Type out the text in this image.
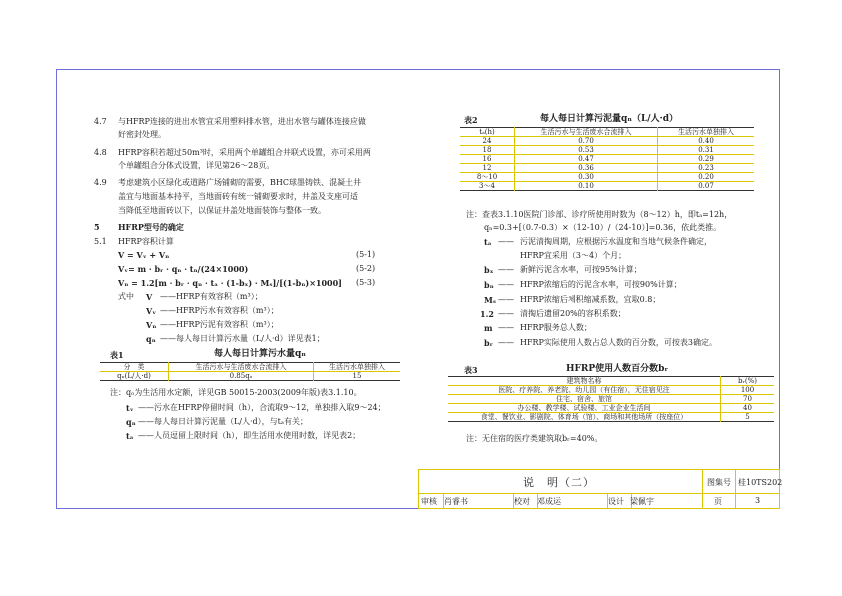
4.7 与HFRP连接的进出水管宜采用塑料排水管，进出水管与罐体连接应做
好密封处理。
4.8 HFRP容积若超过50m³时，采用两个单罐组合井联式设置，亦可采用两
个单罐组合分体式设置，详见第26～28页。
4.9 考虑建筑小区绿化或道路广场铺砌的需要，BHC球墨铸铁、混凝土井
盖宜与地面基本持平，当地面砖有统一铺砌要求时，井盖及支座可适
当降低至地面砖以下，以保证井盖处地面装饰与整体一致。
5 HFRP型号的确定
5.1 HFRP容积计算
V = Vᵥ + Vₙ	(5-1)
Vᵥ= m · bᵣ · qₙ · tₙ/(24×1000)	(5-2)
Vₙ = 1.2[m · bᵣ · qₙ · tₐ · (1-bₓ) · Mₛ]/[(1-bₙ)×1000] (5-3)
式中 V —— HFRP有效容积（m³）；
Vᵥ —— HFRP污水有效容积（m³）；
Vₙ —— HFRP污泥有效容积（m³）；
qₙ —— 每人每日计算污水量（L/人·d）详见表1；
表1	每人每日计算污水量qₙ
分　类	生活污水与生活废水合流排入	生活污水单独排入
qₙ(L/人·d)	0.85qₒ	15
注：qₒ为生活用水定额，详见GB 50015-2003(2009年版)表3.1.10。
tᵥ —— 污水在HFRP停留时间（h），合流取9～12，单独排入取9～24；
qₙ —— 每人每日计算污泥量（L/人·d），与tₐ有关；
tₐ —— 人员逗留上限时间（h），即生活用水使用时数，详见表2；
表2	每人每日计算污泥量qₙ（L/人·d）
tₐ(h)	生活污水与生活废水合流排入	生活污水单独排入
24	0.70	0.40
18	0.53	0.31
16	0.47	0.29
12	0.36	0.23
8～10	0.30	0.20
3～4	0.10	0.07
注：查表3.1.10医院门诊部、诊疗所使用时数为（8～12）h，即tₐ=12h，
qₙ=0.3+[（0.7-0.3）×（12-10）/（24-10）]=0.36，依此类推。
tₐ —— 污泥清掏周期，应根据污水温度和当地气候条件确定，
HFRP宜采用（3～4）个月；
bₓ —— 新鲜污泥含水率，可按95%计算；
bₙ —— HFRP浓缩后的污泥含水率，可按90%计算；
Mₛ —— HFRP浓缩后체积缩减系数，宜取0.8；
1.2 —— 清掏后遗留20%的容积系数；
m —— HFRP服务总人数；
bᵣ —— HFRP实际使用人数占总人数的百分数，可按表3确定。
表3	HFRP使用人数百分数bᵣ
建筑物名称	bᵣ(%)
医院、疗养院、养老院、幼儿园（有住宿），无住宿见注	100
住宅、宿舍、旅馆	70
办公楼、教学楼、试验楼、工业企业生活间	40
食堂、餐饮业、影剧院、体育场（馆）、商场和其他场所（按座位）	5
注：无住宿的医疗类建筑取bᵣ=40%。
说　明（二）	图集号 桂10TS202
审核 肖睿书	校对 邓成运	设计 梁佩宇	页	3
